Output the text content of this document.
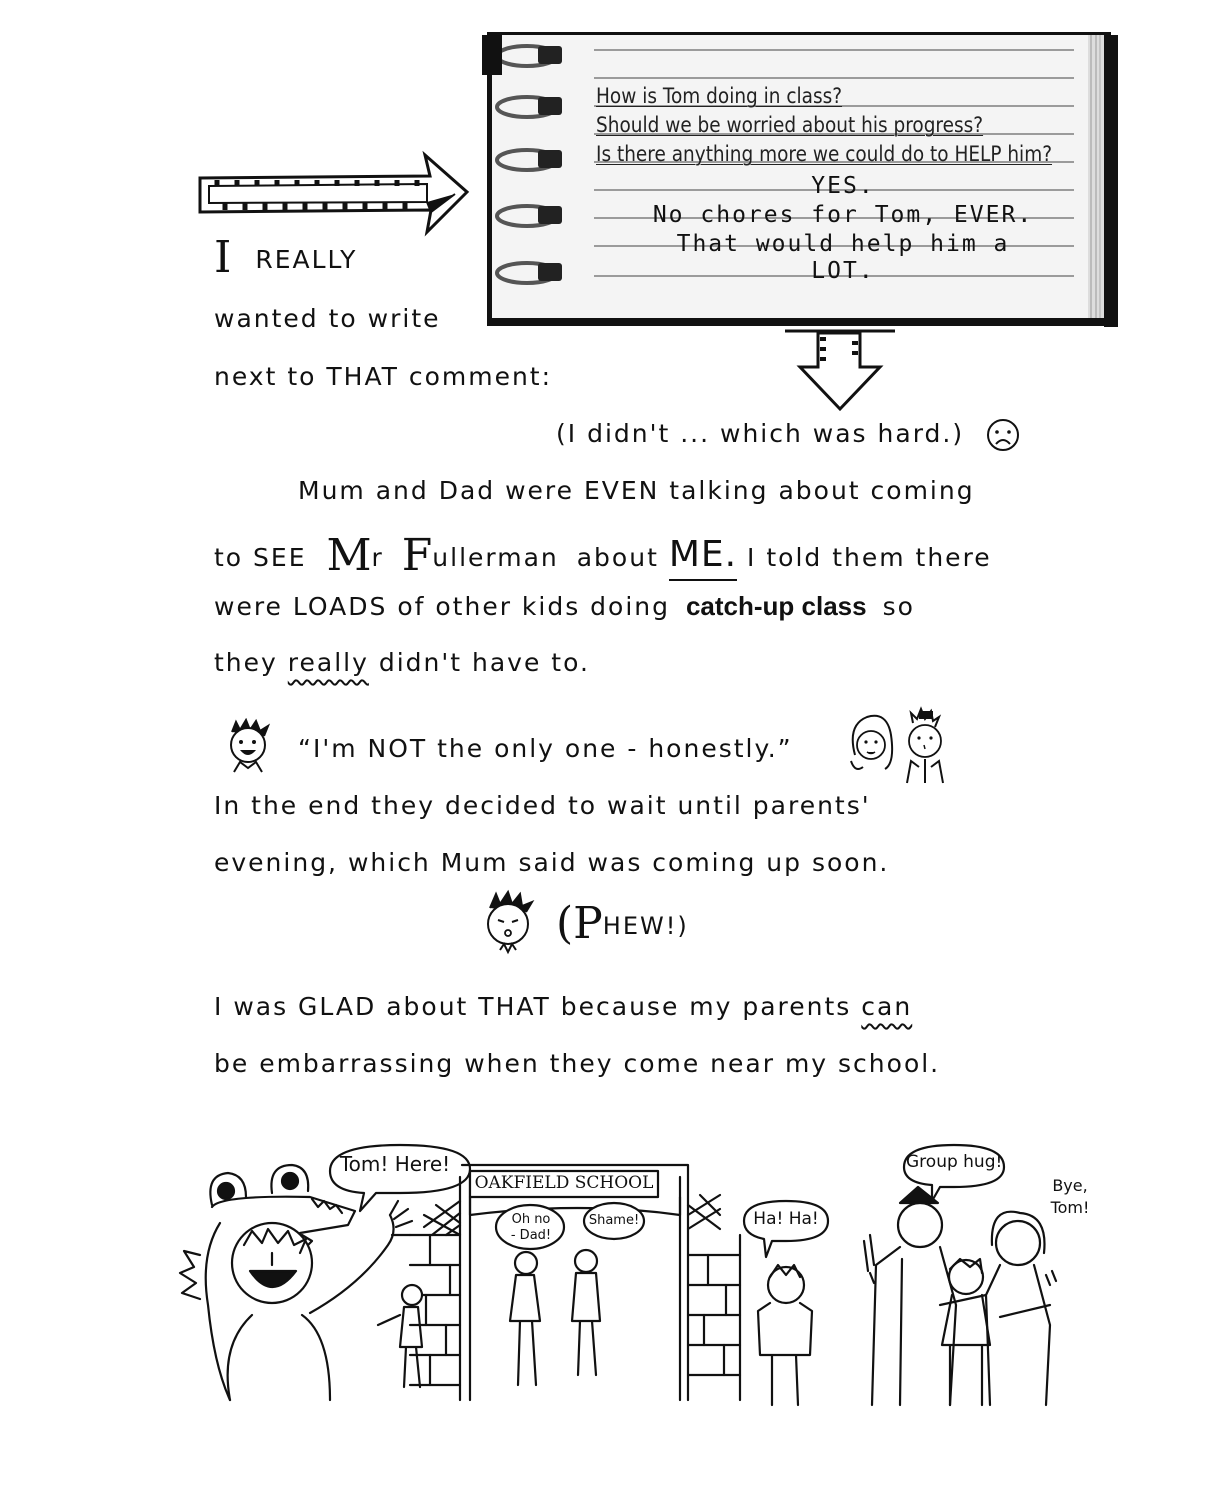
How is Tom doing in class?
Should we be worried about his progress?
Is there anything more we could do to HELP him?
YES.
No chores for Tom, EVER.
That would help him a
LOT.
I REALLY
wanted to write
next to THAT comment:
(I didn't ... which was hard.)
Mum and Dad were EVEN talking about coming
to SEE Mr Fullerman about ME. I told them there
were LOADS of other kids doing catch-up class so
they really didn't have to.
“I'm NOT the only one - honestly.”
In the end they decided to wait until parents'
evening, which Mum said was coming up soon.
(PHEW!)
I was GLAD about THAT because my parents can
be embarrassing when they come near my school.
Tom! Here!
OAKFIELD SCHOOL
Oh no
- Dad!
Shame!	Ha! Ha!
Group hug!
Bye,
Tom!
